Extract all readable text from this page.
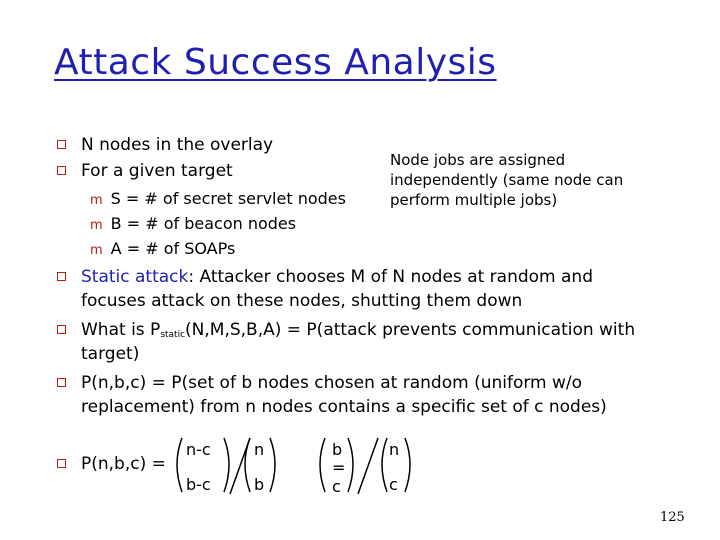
Attack Success Analysis
N nodes in the overlay
For a given target
m S = # of secret servlet nodes
m B = # of beacon nodes
m A = # of SOAPs
Node jobs are assigned
independently (same node can
perform multiple jobs)
Static attack: Attacker chooses M of N nodes at random and
focuses attack on these nodes, shutting them down
What is $P_{static}(N,M,S,B,A)$ = P(attack prevents communication with
target)
P(n,b,c) = P(set of b nodes chosen at random (uniform w/o
replacement) from n nodes contains a specific set of c nodes)
P(n,b,c) =
n-c
b-c
n
b
b
=
c
n
c
125
